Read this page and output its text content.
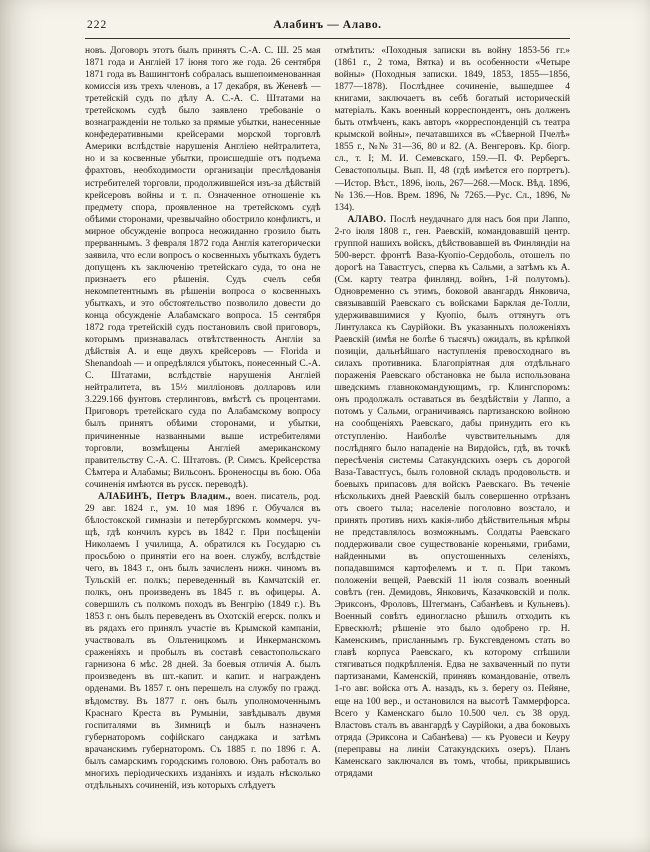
222	Алабинъ — Алаво.

новъ. Договоръ этотъ былъ принятъ С.-А. С. Ш. 25 мая 1871 года и Англіей 17 іюня того же года. 26 сентября 1871 года въ Вашингтонѣ собралась вышепоименованная комиссія изъ трехъ членовъ, а 17 декабря, въ Женевѣ — третейскій судъ по дѣлу А. С.-А. С. Штатами на третейскомъ судѣ было заявлено требованіе о вознагражденіи не только за прямые убытки, нанесенные конфедеративными крейсерами морской торговлѣ Америки вслѣдствіе нарушенія Англіею нейтралитета, но и за косвенные убытки, происшедшіе отъ подъема фрахтовъ, необходимости организаціи преслѣдованія истребителей торговли, продолжившейся изъ-за дѣйствій крейсеровъ войны и т. п. Означенное отношеніе къ предмету спора, проявленное на третейскомъ судѣ обѣими сторонами, чрезвычайно обострило конфликтъ, и мирное обсужденіе вопроса неожиданно грозило быть прерваннымъ. 3 февраля 1872 года Англія категорически заявила, что если вопросъ о косвенныхъ убыткахъ будетъ допущенъ къ заключенію третейскаго суда, то она не признаетъ его рѣшенія. Судъ счелъ себя некомпетентнымъ въ рѣшеніи вопроса о косвенныхъ убыткахъ, и это обстоятельство позволило довести до конца обсужденіе Алабамскаго вопроса. 15 сентября 1872 года третейскій судъ постановилъ свой приговоръ, которымъ признавалась отвѣтственность Англіи за дѣйствія А. и еще двухъ крейсеровъ — Florida и Shenandoah — и опредѣлялся убытокъ, понесенный С.-А. С. Штатами, вслѣдствіе нарушенія Англіей нейтралитета, въ 15½ милліоновъ долларовъ или 3.229.166 фунтовъ стерлинговъ, вмѣстѣ съ процентами. Приговоръ третейскаго суда по Алабамскому вопросу былъ принятъ обѣими сторонами, и убытки, причиненные названными выше истребителями торговли, возмѣщены Англіей американскому правительству С.-А. С. Штатовъ. (Р. Симсъ. Крейсерства Сѣмтера и Алабамы; Вильсонъ. Броненосцы въ бою. Оба сочиненія имѣются въ русск. переводѣ).

АЛАБИНЪ, Петръ Владим., воен. писатель, род. 29 авг. 1824 г., ум. 10 мая 1896 г. Обучался въ бѣлостокской гимназіи и петербургскомъ коммерч. уч-щѣ, гдѣ кончилъ курсъ въ 1842 г. При посѣщеніи Николаемъ I училища, А. обратился къ Государю съ просьбою о принятіи его на воен. службу, вслѣдствіе чего, въ 1843 г., онъ былъ зачисленъ нижн. чиномъ въ Тульскій ег. полкъ; переведенный въ Камчатскій ег. полкъ, онъ произведенъ въ 1845 г. въ офицеры. А. совершилъ съ полкомъ походъ въ Венгрію (1849 г.). Въ 1853 г. онъ былъ переведенъ въ Охотскій егерск. полкъ и въ рядахъ его принялъ участіе въ Крымской кампаніи, участвовалъ въ Ольтеницкомъ и Инкерманскомъ сраженіяхъ и пробылъ въ составѣ севастопольскаго гарнизона 6 мѣс. 28 дней. За боевыя отличія А. былъ произведенъ въ шт.-капит. и капит. и награжденъ орденами. Въ 1857 г. онъ перешелъ на службу по гражд. вѣдомству. Въ 1877 г. онъ былъ уполномоченнымъ Краснаго Креста въ Румыніи, завѣдывалъ двумя госпиталями въ Зимницѣ и былъ назначенъ губернаторомъ софійскаго санджака и затѣмъ врачанскимъ губернаторомъ. Съ 1885 г. по 1896 г. А. былъ самарскимъ городскимъ головою. Онъ работалъ во многихъ періодическихъ изданіяхъ и издалъ нѣсколько отдѣльныхъ сочиненій, изъ которыхъ слѣдуетъ

отмѣтить: «Походныя записки въ войну 1853-56 гг.» (1861 г., 2 тома, Вятка) и въ особенности «Четыре войны» (Походныя записки. 1849, 1853, 1855—1856, 1877—1878). Послѣднее сочиненіе, вышедшее 4 книгами, заключаетъ въ себѣ богатый историческій матеріалъ. Какъ военный корреспондентъ, онъ долженъ быть отмѣченъ, какъ авторъ «корреспонденцій съ театра крымской войны», печатавшихся въ «Сѣверной Пчелѣ» 1855 г., №№ 31—36, 80 и 82. (А. Венгеровъ. Кр. біогр. сл., т. I; М. И. Семевскаго, 159.—П. Ф. Рербергъ. Севастопольцы. Вып. II, 48 (гдѣ имѣется его портретъ).—Истор. Вѣст., 1896, іюль, 267—268.—Моск. Вѣд. 1896, № 136.—Нов. Врем. 1896, № 7265.—Рус. Сл., 1896, № 134).

АЛАВО. Послѣ неудачнаго для насъ боя при Лаппо, 2-го іюля 1808 г., ген. Раевскій, командовавшій центр. группой нашихъ войскъ, дѣйствовавшей въ Финляндіи на 500-верст. фронтѣ Ваза-Куопіо-Сердоболь, отошелъ по дорогѣ на Тавастгусъ, сперва къ Сальми, а затѣмъ къ А. (См. карту театра финлянд. войнъ, 1-й полутомъ). Одновременно съ этимъ, боковой авангардъ Янковича, связывавшій Раевскаго съ войсками Барклая де-Толли, удерживавшимися у Куопіо, былъ оттянутъ отъ Линтулакса къ Саурійоки. Въ указанныхъ положеніяхъ Раевскій (имѣя не болѣе 6 тысячъ) ожидалъ, въ крѣпкой позиціи, дальнѣйшаго наступленія превосходнаго въ силахъ противника. Благопріятная для отдѣльнаго пораженія Раевскаго обстановка не была использована шведскимъ главнокомандующимъ, гр. Клингспоромъ: онъ продолжалъ оставаться въ бездѣйствіи у Лаппо, а потомъ у Сальми, ограничиваясь партизанскою войною на сообщеніяхъ Раевскаго, дабы принудить его къ отступленію. Наиболѣе чувствительнымъ для послѣдняго было нападеніе на Вирдойсъ, гдѣ, въ точкѣ пересѣченія системы Сатакундскихъ озеръ съ дорогой Ваза-Тавастгусъ, былъ головной складъ продовольств. и боевыхъ припасовъ для войскъ Раевскаго. Въ теченіе нѣсколькихъ дней Раевскій былъ совершенно отрѣзанъ отъ своего тыла; населеніе поголовно возстало, и принять противъ нихъ какія-либо дѣйствительныя мѣры не представлялось возможнымъ. Солдаты Раевскаго поддерживали свое существованіе кореньями, грибами, найденными въ опустошенныхъ селеніяхъ, попадавшимся картофелемъ и т. п. При такомъ положеніи вещей, Раевскій 11 іюля созвалъ военный совѣтъ (ген. Демидовъ, Янковичъ, Казачковскій и полк. Эриксонъ, Фроловъ, Штегманъ, Сабанѣевъ и Кульневъ). Военный совѣтъ единогласно рѣшилъ отходить къ Ервескюлѣ; рѣшеніе это было одобрено гр. Н. Каменскимъ, присланнымъ гр. Буксгевденомъ стать во главѣ корпуса Раевскаго, къ которому спѣшили стягиваться подкрѣпленія. Едва не захваченный по пути партизанами, Каменскій, принявъ командованіе, отвелъ 1-го авг. войска отъ А. назадъ, къ з. берегу оз. Пейяне, еще на 100 вер., и остановился на высотѣ Таммерфорса. Всего у Каменскаго было 10.500 чел. съ 38 оруд. Властовъ сталъ въ авангардѣ у Саурійоки, а два боковыхъ отряда (Эриксона и Сабанѣева) — къ Руовеси и Кеуру (переправы на линіи Сатакундскихъ озеръ). Планъ Каменскаго заключался въ томъ, чтобы, прикрывшись отрядами
